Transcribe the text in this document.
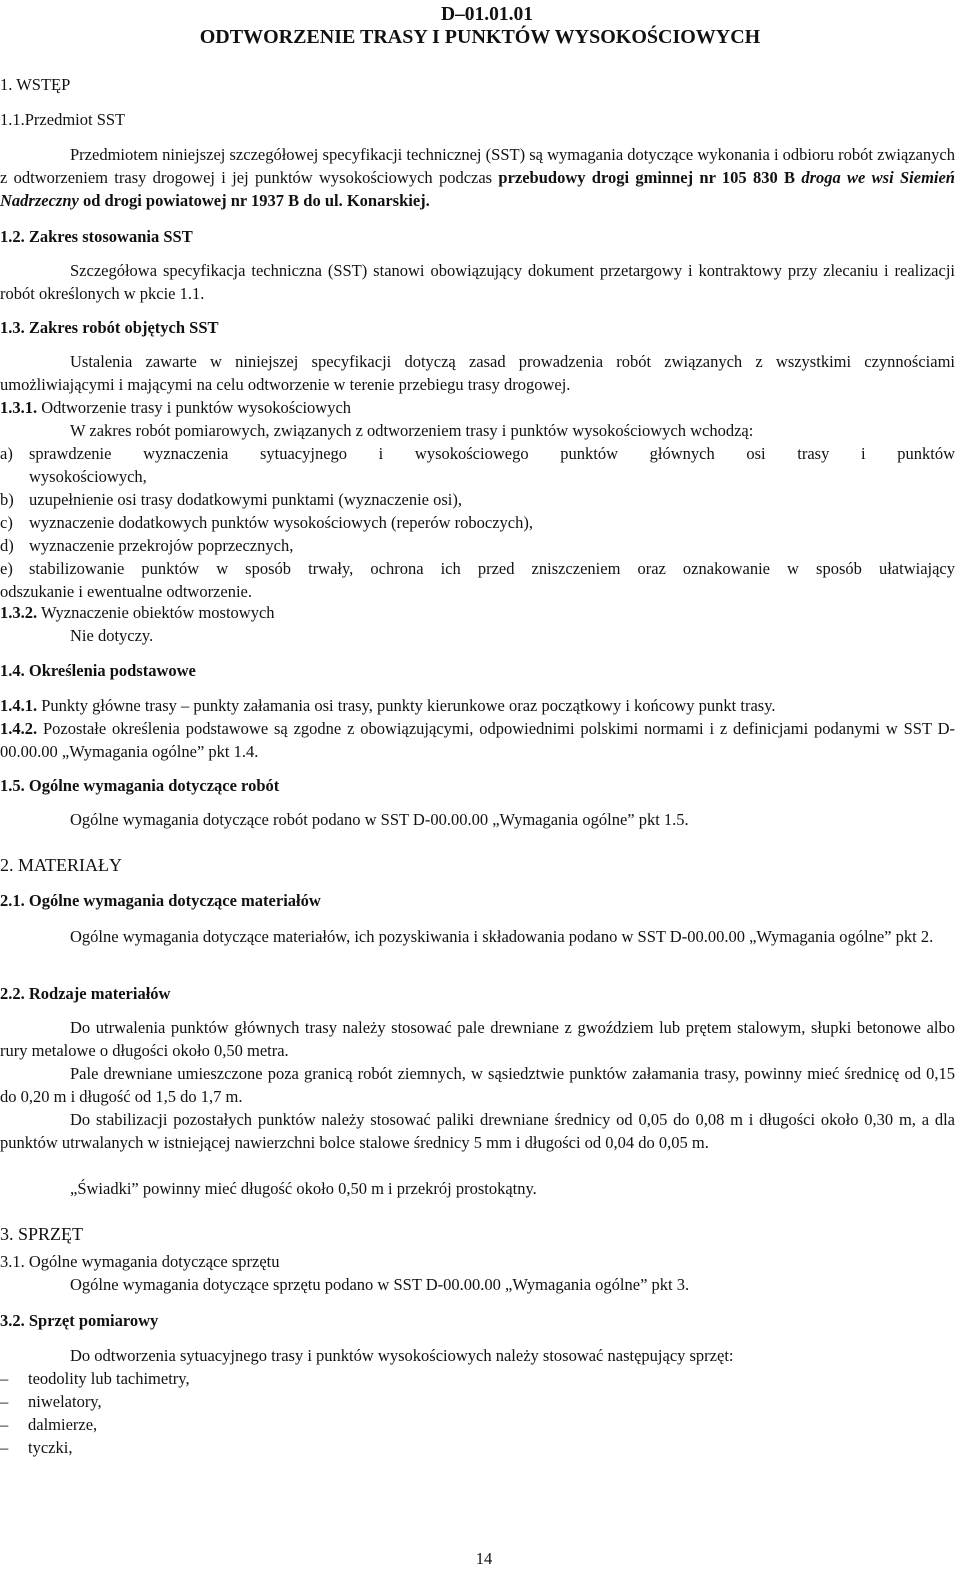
D–01.01.01
ODTWORZENIE TRASY I PUNKTÓW WYSOKOŚCIOWYCH

1. WSTĘP

1.1.Przedmiot SST

Przedmiotem niniejszej szczegółowej specyfikacji technicznej (SST) są wymagania dotyczące wykonania i odbioru robót związanych z odtworzeniem trasy drogowej i jej punktów wysokościowych podczas przebudowy drogi gminnej nr 105 830 B droga we wsi Siemień Nadrzeczny od drogi powiatowej nr 1937 B do ul. Konarskiej.

1.2. Zakres stosowania SST

Szczegółowa specyfikacja techniczna (SST) stanowi obowiązujący dokument przetargowy i kontraktowy przy zlecaniu i realizacji robót określonych w pkcie 1.1.

1.3. Zakres robót objętych SST

Ustalenia zawarte w niniejszej specyfikacji dotyczą zasad prowadzenia robót związanych z wszystkimi czynnościami umożliwiającymi i mającymi na celu odtworzenie w terenie przebiegu trasy drogowej.

1.3.1. Odtworzenie trasy i punktów wysokościowych

W zakres robót pomiarowych, związanych z odtworzeniem trasy i punktów wysokościowych wchodzą:

a) sprawdzenie wyznaczenia sytuacyjnego i wysokościowego punktów głównych osi trasy i punktów
wysokościowych,
b) uzupełnienie osi trasy dodatkowymi punktami (wyznaczenie osi),
c) wyznaczenie dodatkowych punktów wysokościowych (reperów roboczych),
d) wyznaczenie przekrojów poprzecznych,
e) stabilizowanie punktów w sposób trwały, ochrona ich przed zniszczeniem oraz oznakowanie w sposób ułatwiający
odszukanie i ewentualne odtworzenie.

1.3.2. Wyznaczenie obiektów mostowych

Nie dotyczy.

1.4. Określenia podstawowe

1.4.1. Punkty główne trasy – punkty załamania osi trasy, punkty kierunkowe oraz początkowy i końcowy punkt trasy.

1.4.2. Pozostałe określenia podstawowe są zgodne z obowiązującymi, odpowiednimi polskimi normami i z definicjami podanymi w SST D-00.00.00 „Wymagania ogólne” pkt 1.4.

1.5. Ogólne wymagania dotyczące robót

Ogólne wymagania dotyczące robót podano w SST D-00.00.00 „Wymagania ogólne” pkt 1.5.

2. MATERIAŁY

2.1. Ogólne wymagania dotyczące materiałów

Ogólne wymagania dotyczące materiałów, ich pozyskiwania i składowania podano w SST D-00.00.00 „Wymagania ogólne” pkt 2.

2.2. Rodzaje materiałów

Do utrwalenia punktów głównych trasy należy stosować pale drewniane z gwoździem lub prętem stalowym, słupki betonowe albo rury metalowe o długości około 0,50 metra.

Pale drewniane umieszczone poza granicą robót ziemnych, w sąsiedztwie punktów załamania trasy, powinny mieć średnicę od 0,15 do 0,20 m i długość od 1,5 do 1,7 m.

Do stabilizacji pozostałych punktów należy stosować paliki drewniane średnicy od 0,05 do 0,08 m i długości około 0,30 m, a dla punktów utrwalanych w istniejącej nawierzchni bolce stalowe średnicy 5 mm i długości od 0,04 do 0,05 m.

„Świadki” powinny mieć długość około 0,50 m i przekrój prostokątny.

3. SPRZĘT

3.1. Ogólne wymagania dotyczące sprzętu

Ogólne wymagania dotyczące sprzętu podano w SST D-00.00.00 „Wymagania ogólne” pkt 3.

3.2. Sprzęt pomiarowy

Do odtworzenia sytuacyjnego trasy i punktów wysokościowych należy stosować następujący sprzęt:

– teodolity lub tachimetry,
– niwelatory,
– dalmierze,
– tyczki,
14
